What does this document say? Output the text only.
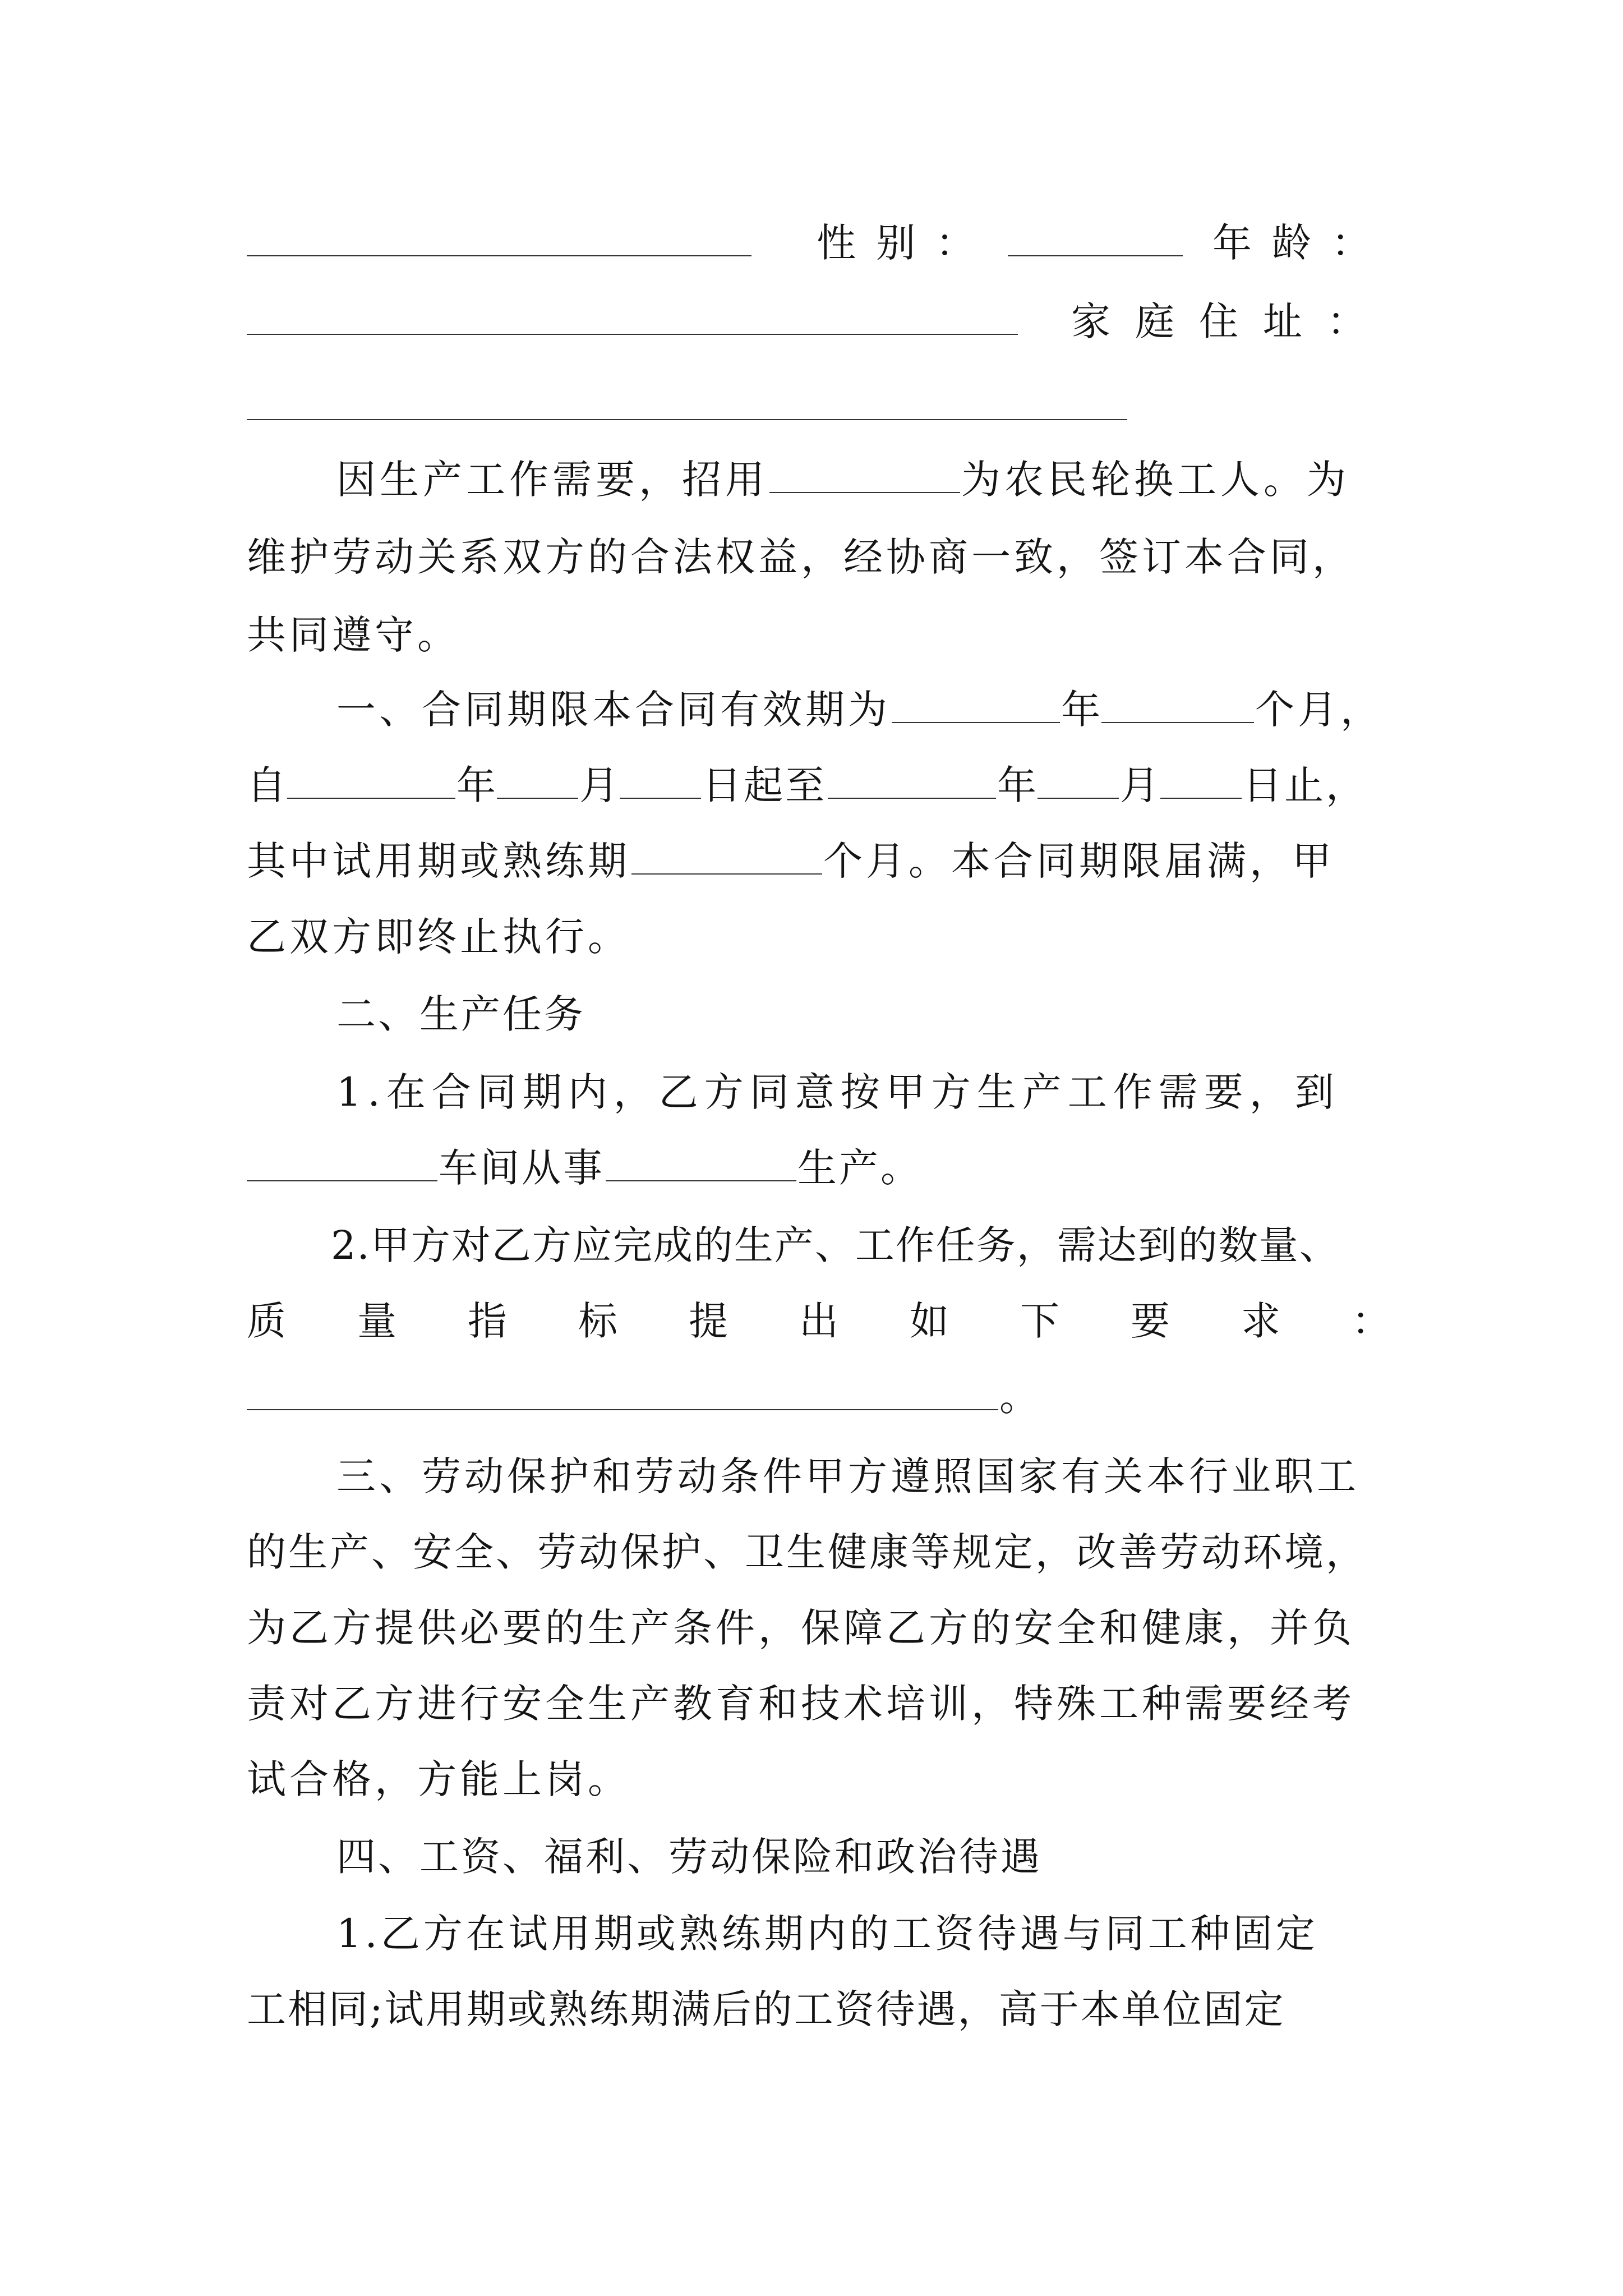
性别：	年龄：
家庭住址：
因生产工作需要，招用	为农民轮换工人。为
维护劳动关系双方的合法权益，经协商一致，签订本合同，
共同遵守。
一、合同期限本合同有效期为	年	个月，
自	年 月 日起至	年 月 日止，
其中试用期或熟练期	个月。本合同期限届满，甲
乙双方即终止执行。
二、生产任务
1.在合同期内，乙方同意按甲方生产工作需要，到
车间从事	生产。
2.甲方对乙方应完成的生产、工作任务，需达到的数量、
质 量 指 标 提 出 如 下 要 求 ：
。
三、劳动保护和劳动条件甲方遵照国家有关本行业职工
的生产、安全、劳动保护、卫生健康等规定，改善劳动环境，
为乙方提供必要的生产条件，保障乙方的安全和健康，并负
责对乙方进行安全生产教育和技术培训，特殊工种需要经考
试合格，方能上岗。
四、工资、福利、劳动保险和政治待遇
1.乙方在试用期或熟练期内的工资待遇与同工种固定
工相同;试用期或熟练期满后的工资待遇，高于本单位固定
